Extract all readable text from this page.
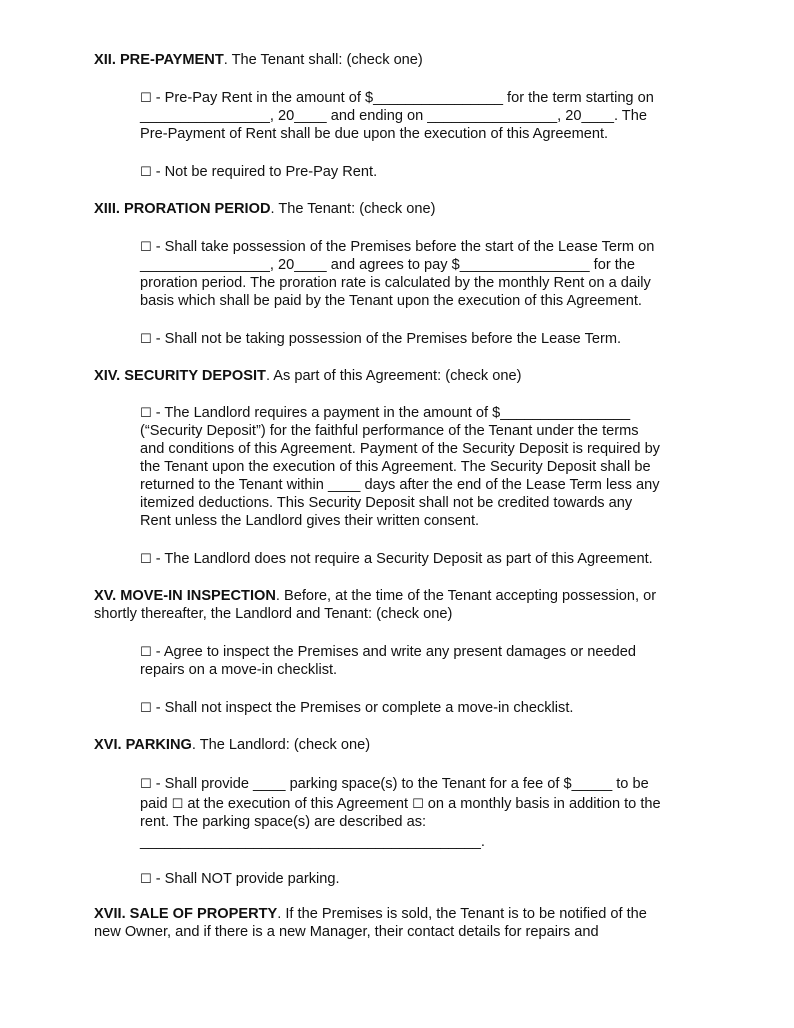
XII. PRE-PAYMENT. The Tenant shall: (check one)
☐ - Pre-Pay Rent in the amount of $________________ for the term starting on
________________, 20____ and ending on ________________, 20____. The
Pre-Payment of Rent shall be due upon the execution of this Agreement.
☐ - Not be required to Pre-Pay Rent.
XIII. PRORATION PERIOD. The Tenant: (check one)
☐ - Shall take possession of the Premises before the start of the Lease Term on
________________, 20____ and agrees to pay $________________ for the
proration period. The proration rate is calculated by the monthly Rent on a daily
basis which shall be paid by the Tenant upon the execution of this Agreement.
☐ - Shall not be taking possession of the Premises before the Lease Term.
XIV. SECURITY DEPOSIT. As part of this Agreement: (check one)
☐ - The Landlord requires a payment in the amount of $________________
(“Security Deposit”) for the faithful performance of the Tenant under the terms
and conditions of this Agreement. Payment of the Security Deposit is required by
the Tenant upon the execution of this Agreement. The Security Deposit shall be
returned to the Tenant within ____ days after the end of the Lease Term less any
itemized deductions. This Security Deposit shall not be credited towards any
Rent unless the Landlord gives their written consent.
☐ - The Landlord does not require a Security Deposit as part of this Agreement.
XV. MOVE-IN INSPECTION. Before, at the time of the Tenant accepting possession, or
shortly thereafter, the Landlord and Tenant: (check one)
☐ - Agree to inspect the Premises and write any present damages or needed
repairs on a move-in checklist.
☐ - Shall not inspect the Premises or complete a move-in checklist.
XVI. PARKING. The Landlord: (check one)
☐ - Shall provide ____ parking space(s) to the Tenant for a fee of $_____ to be
paid ☐ at the execution of this Agreement ☐ on a monthly basis in addition to the
rent. The parking space(s) are described as:
__________________________________________.
☐ - Shall NOT provide parking.
XVII. SALE OF PROPERTY. If the Premises is sold, the Tenant is to be notified of the
new Owner, and if there is a new Manager, their contact details for repairs and
